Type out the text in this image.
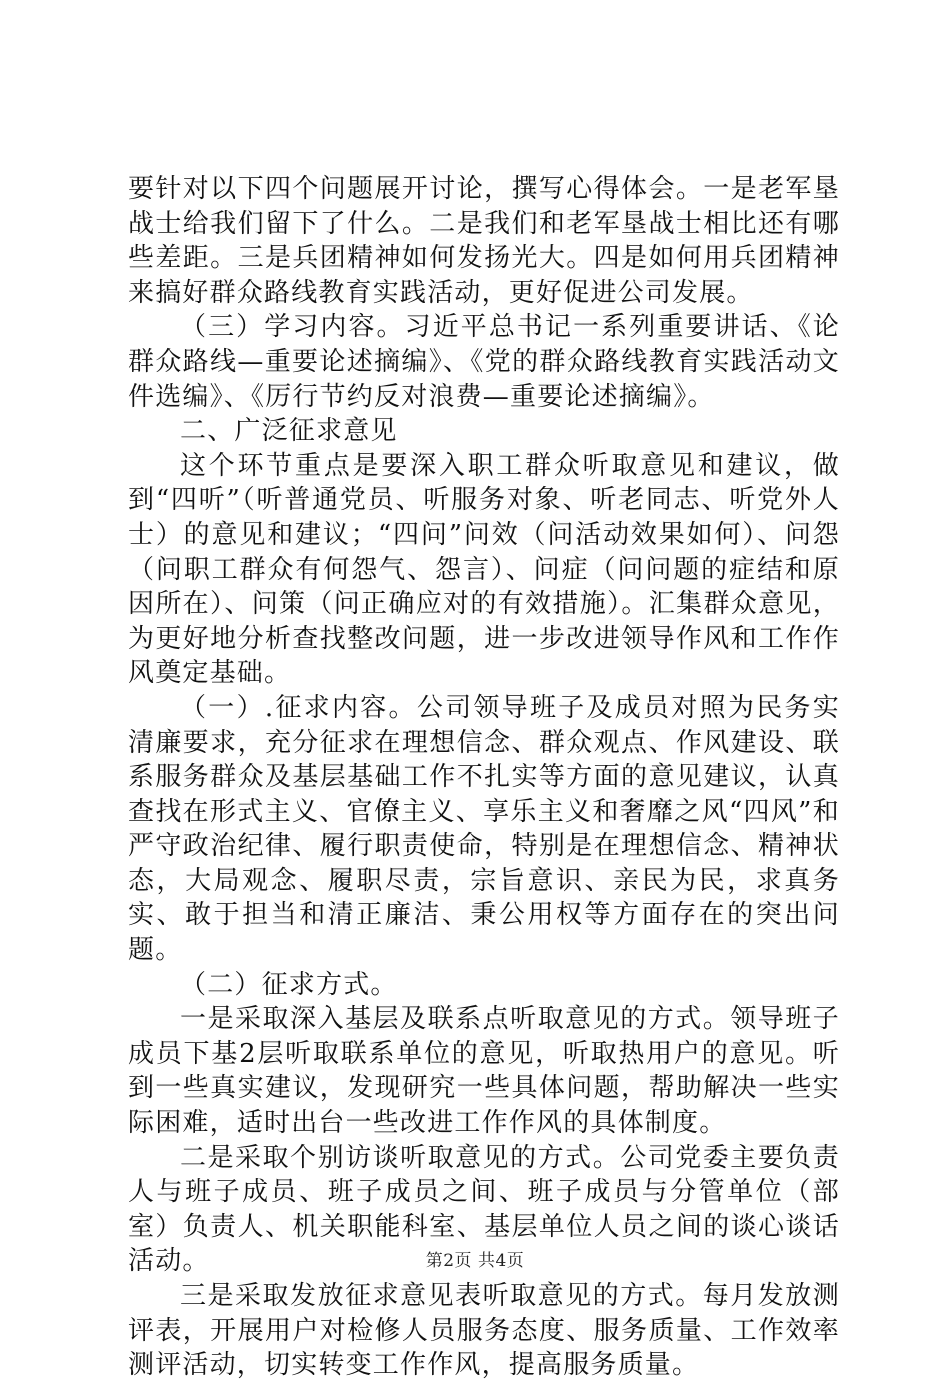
要针对以下四个问题展开讨论，撰写心得体会。一是老军垦战士给我们留下了什么。二是我们和老军垦战士相比还有哪些差距。三是兵团精神如何发扬光大。四是如何用兵团精神来搞好群众路线教育实践活动，更好促进公司发展。

（三）学习内容。习近平总书记一系列重要讲话、《论群众路线—重要论述摘编》、《党的群众路线教育实践活动文件选编》、《厉行节约反对浪费—重要论述摘编》。

二、广泛征求意见

这个环节重点是要深入职工群众听取意见和建议，做到“四听”（听普通党员、听服务对象、听老同志、听党外人士）的意见和建议；“四问”问效（问活动效果如何）、问怨（问职工群众有何怨气、怨言）、问症（问问题的症结和原因所在）、问策（问正确应对的有效措施）。汇集群众意见，为更好地分析查找整改问题，进一步改进领导作风和工作作风奠定基础。

（一）.征求内容。公司领导班子及成员对照为民务实清廉要求，充分征求在理想信念、群众观点、作风建设、联系服务群众及基层基础工作不扎实等方面的意见建议，认真查找在形式主义、官僚主义、享乐主义和奢靡之风“四风”和严守政治纪律、履行职责使命，特别是在理想信念、精神状态，大局观念、履职尽责，宗旨意识、亲民为民，求真务实、敢于担当和清正廉洁、秉公用权等方面存在的突出问题。

（二）征求方式。

一是采取深入基层及联系点听取意见的方式。领导班子成员下基2层听取联系单位的意见，听取热用户的意见。听到一些真实建议，发现研究一些具体问题，帮助解决一些实际困难，适时出台一些改进工作作风的具体制度。

二是采取个别访谈听取意见的方式。公司党委主要负责人与班子成员、班子成员之间、班子成员与分管单位（部室）负责人、机关职能科室、基层单位人员之间的谈心谈话活动。

三是采取发放征求意见表听取意见的方式。每月发放测评表，开展用户对检修人员服务态度、服务质量、工作效率测评活动，切实转变工作作风，提高服务质量。

第2页 共4页
